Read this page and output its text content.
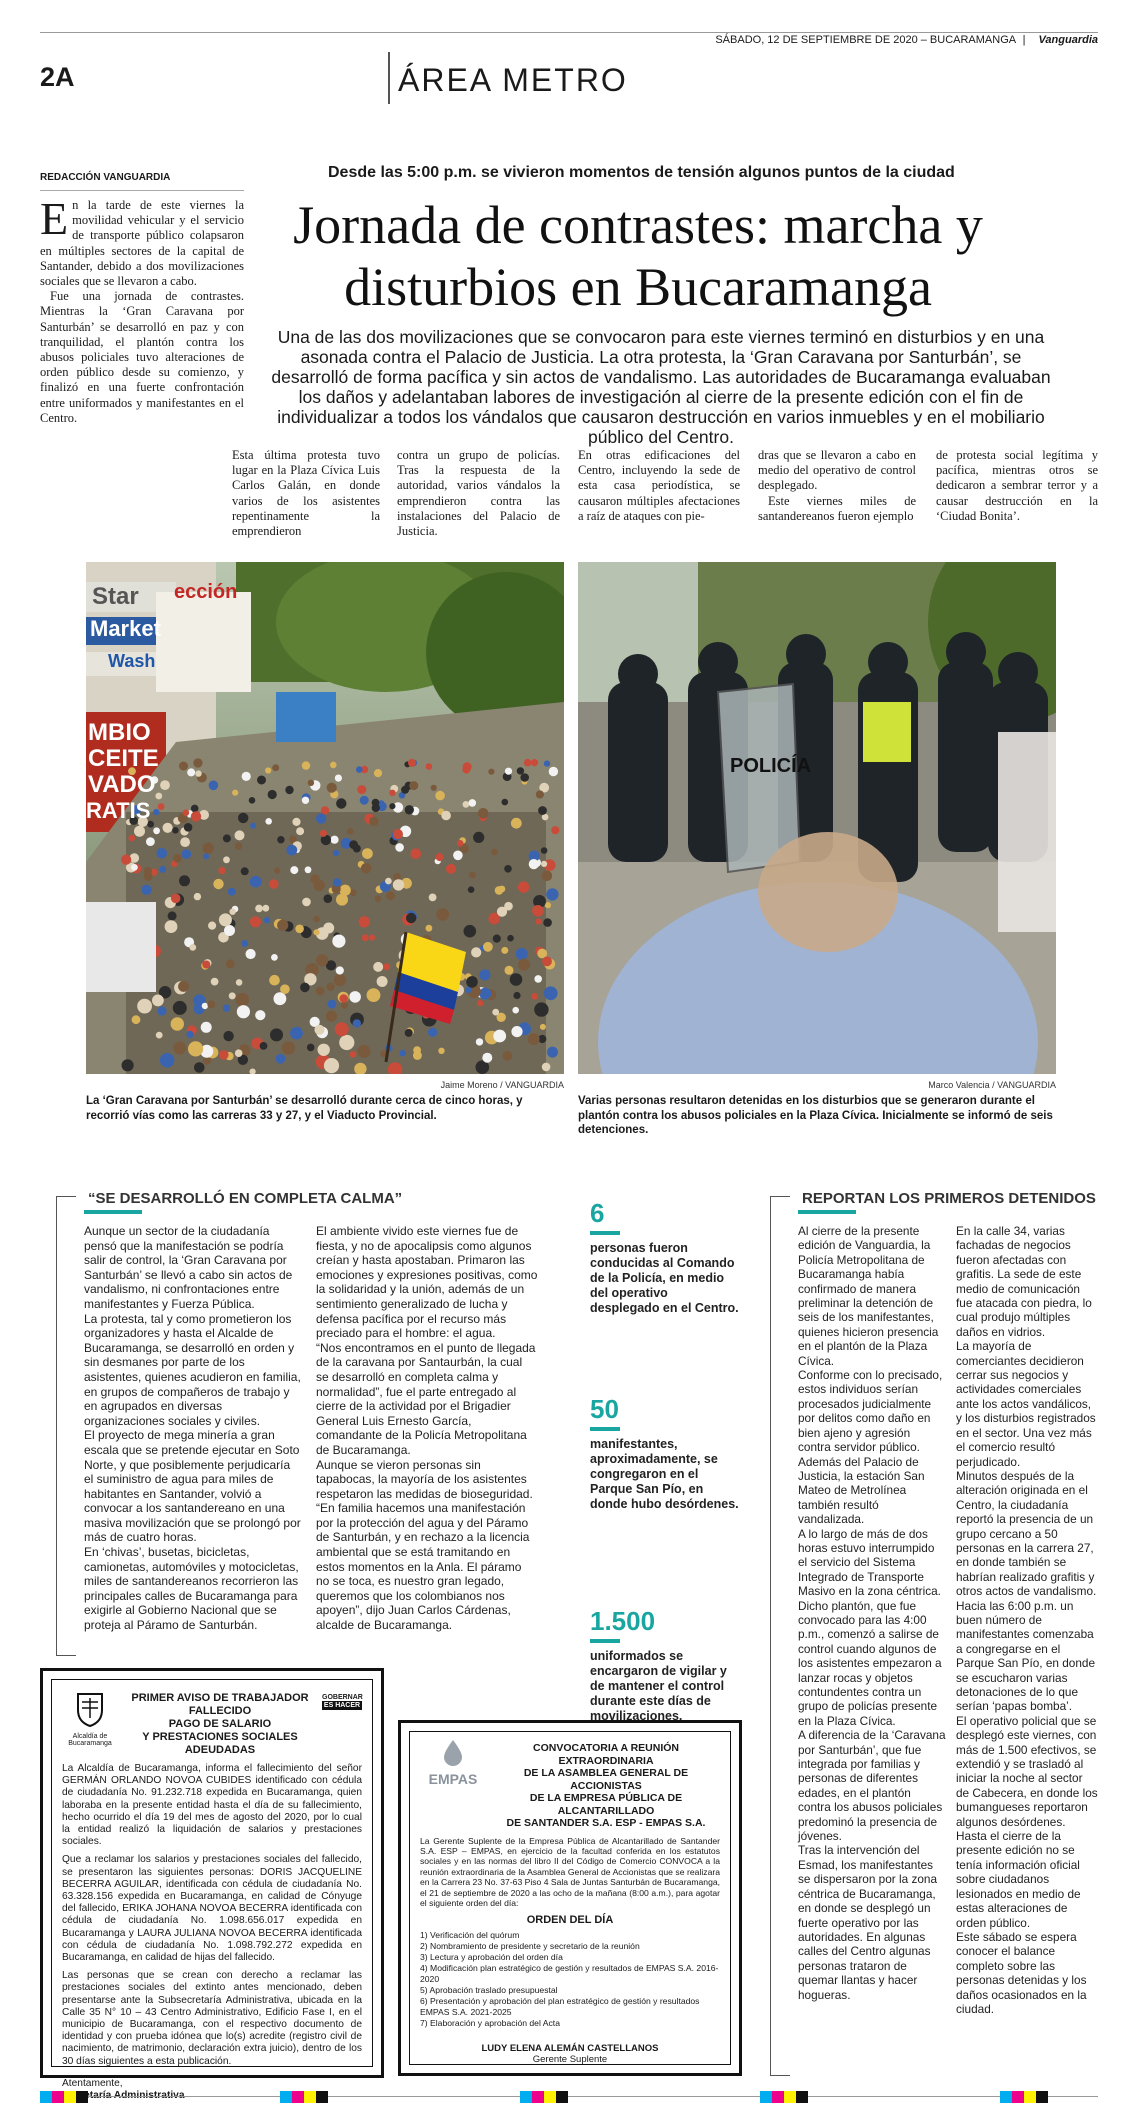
SÁBADO, 12 DE SEPTIEMBRE DE 2020 – BUCARAMANGA | Vanguardia
2A	ÁREA METRO
REDACCIÓN VANGUARDIA

En la tarde de este viernes la movilidad vehicular y el servicio de transporte público colapsaron en múltiples sectores de la capital de Santander, debido a dos movilizaciones sociales que se llevaron a cabo.

Fue una jornada de contrastes. Mientras la ‘Gran Caravana por Santurbán’ se desarrolló en paz y con tranquilidad, el plantón contra los abusos policiales tuvo alteraciones de orden público desde su comienzo, y finalizó en una fuerte confrontación entre uniformados y manifestantes en el Centro.

Desde las 5:00 p.m. se vivieron momentos de tensión algunos puntos de la ciudad
Jornada de contrastes: marcha y
disturbios en Bucaramanga
Una de las dos movilizaciones que se convocaron para este viernes terminó en disturbios y en una asonada contra el Palacio de Justicia. La otra protesta, la ‘Gran Caravana por Santurbán’, se desarrolló de forma pacífica y sin actos de vandalismo. Las autoridades de Bucaramanga evaluaban los daños y adelantaban labores de investigación al cierre de la presente edición con el fin de individualizar a todos los vándalos que causaron destrucción en varios inmuebles y en el mobiliario público del Centro.
Esta última protesta tuvo lugar en la Plaza Cívica Luis Carlos Galán, en donde varios de los asistentes repentinamente la emprendieron
contra un grupo de policías. Tras la respuesta de la autoridad, varios vándalos la emprendieron contra las instalaciones del Palacio de Justicia.
En otras edificaciones del Centro, incluyendo la sede de esta casa periodística, se causaron múltiples afectaciones a raíz de ataques con pie-
dras que se llevaron a cabo en medio del operativo de control desplegado.
Este viernes miles de santandereanos fueron ejemplo
de protesta social legítima y pacífica, mientras otros se dedicaron a sembrar terror y a causar destrucción en la ‘Ciudad Bonita’.
Star
Market
Wash
MBIO
CEITE
VADO
RATIS
ección
POLICÍA
Jaime Moreno / VANGUARDIA	Marco Valencia / VANGUARDIA
La ‘Gran Caravana por Santurbán’ se desarrolló durante cerca de cinco horas, y recorrió vías como las carreras 33 y 27, y el Viaducto Provincial.
Varias personas resultaron detenidas en los disturbios que se generaron durante el plantón contra los abusos policiales en la Plaza Cívica. Inicialmente se informó de seis detenciones.
“SE DESARROLLÓ EN COMPLETA CALMA”
Aunque un sector de la ciudadanía pensó que la manifestación se podría salir de control, la ‘Gran Caravana por Santurbán’ se llevó a cabo sin actos de vandalismo, ni confrontaciones entre manifestantes y Fuerza Pública.
La protesta, tal y como prometieron los organizadores y hasta el Alcalde de Bucaramanga, se desarrolló en orden y sin desmanes por parte de los asistentes, quienes acudieron en familia, en grupos de compañeros de trabajo y en agrupados en diversas organizaciones sociales y civiles.
El proyecto de mega minería a gran escala que se pretende ejecutar en Soto Norte, y que posiblemente perjudicaría el suministro de agua para miles de habitantes en Santander, volvió a convocar a los santandereano en una masiva movilización que se prolongó por más de cuatro horas.
En ‘chivas’, busetas, bicicletas, camionetas, automóviles y motocicletas, miles de santandereanos recorrieron las principales calles de Bucaramanga para exigirle al Gobierno Nacional que se proteja al Páramo de Santurbán.
El ambiente vivido este viernes fue de fiesta, y no de apocalipsis como algunos creían y hasta apostaban. Primaron las emociones y expresiones positivas, como la solidaridad y la unión, además de un sentimiento generalizado de lucha y defensa pacífica por el recurso más preciado para el hombre: el agua.
“Nos encontramos en el punto de llegada de la caravana por Santaurbán, la cual se desarrolló en completa calma y normalidad”, fue el parte entregado al cierre de la actividad por el Brigadier General Luis Ernesto García, comandante de la Policía Metropolitana de Bucaramanga.
Aunque se vieron personas sin tapabocas, la mayoría de los asistentes respetaron las medidas de bioseguridad.
“En familia hacemos una manifestación por la protección del agua y del Páramo de Santurbán, y en rechazo a la licencia ambiental que se está tramitando en estos momentos en la Anla. El páramo no se toca, es nuestro gran legado, queremos que los colombianos nos apoyen”, dijo Juan Carlos Cárdenas, alcalde de Bucaramanga.
6
personas fueron conducidas al Comando de la Policía, en medio del operativo desplegado en el Centro.
50
manifestantes, aproximadamente, se congregaron en el Parque San Pío, en donde hubo desórdenes.
1.500
uniformados se encargaron de vigilar y de mantener el control durante este días de movilizaciones.
REPORTAN LOS PRIMEROS DETENIDOS
Al cierre de la presente edición de Vanguardia, la Policía Metropolitana de Bucaramanga había confirmado de manera preliminar la detención de seis de los manifestantes, quienes hicieron presencia en el plantón de la Plaza Cívica.
Conforme con lo precisado, estos individuos serían procesados judicialmente por delitos como daño en bien ajeno y agresión contra servidor público. Además del Palacio de Justicia, la estación San Mateo de Metrolínea también resultó vandalizada.
A lo largo de más de dos horas estuvo interrumpido el servicio del Sistema Integrado de Transporte Masivo en la zona céntrica.
Dicho plantón, que fue convocado para las 4:00 p.m., comenzó a salirse de control cuando algunos de los asistentes empezaron a lanzar rocas y objetos contundentes contra un grupo de policías presente en la Plaza Cívica.
A diferencia de la ‘Caravana por Santurbán’, que fue integrada por familias y personas de diferentes edades, en el plantón contra los abusos policiales predominó la presencia de jóvenes.
Tras la intervención del Esmad, los manifestantes se dispersaron por la zona céntrica de Bucaramanga, en donde se desplegó un fuerte operativo por las autoridades. En algunas calles del Centro algunas personas trataron de quemar llantas y hacer hogueras.
En la calle 34, varias fachadas de negocios fueron afectadas con grafitis. La sede de este medio de comunicación fue atacada con piedra, lo cual produjo múltiples daños en vidrios.
La mayoría de comerciantes decidieron cerrar sus negocios y actividades comerciales ante los actos vandálicos, y los disturbios registrados en el sector. Una vez más el comercio resultó perjudicado.
Minutos después de la alteración originada en el Centro, la ciudadanía reportó la presencia de un grupo cercano a 50 personas en la carrera 27, en donde también se habrían realizado grafitis y otros actos de vandalismo.
Hacia las 6:00 p.m. un buen número de manifestantes comenzaba a congregarse en el Parque San Pío, en donde se escucharon varias detonaciones de lo que serían ‘papas bomba’.
El operativo policial que se desplegó este viernes, con más de 1.500 efectivos, se extendió y se trasladó al iniciar la noche al sector de Cabecera, en donde los bumangueses reportaron algunos desórdenes.
Hasta el cierre de la presente edición no se tenía información oficial sobre ciudadanos lesionados en medio de estas alteraciones de orden público.
Este sábado se espera conocer el balance completo sobre las personas detenidas y los daños ocasionados en la ciudad.
Alcaldía de Bucaramanga
PRIMER AVISO DE TRABAJADOR FALLECIDO
PAGO DE SALARIO
Y PRESTACIONES SOCIALES ADEUDADAS
GOBERNAR
ES HACER
La Alcaldía de Bucaramanga, informa el fallecimiento del señor GERMÁN ORLANDO NOVOA CUBIDES identificado con cédula de ciudadanía No. 91.232.718 expedida en Bucaramanga, quien laboraba en la presente entidad hasta el día de su fallecimiento, hecho ocurrido el día 19 del mes de agosto del 2020, por lo cual la entidad realizó la liquidación de salarios y prestaciones sociales.
Que a reclamar los salarios y prestaciones sociales del fallecido, se presentaron las siguientes personas: DORIS JACQUELINE BECERRA AGUILAR, identificada con cédula de ciudadanía No. 63.328.156 expedida en Bucaramanga, en calidad de Cónyuge del fallecido, ERIKA JOHANA NOVOA BECERRA identificada con cédula de ciudadanía No. 1.098.656.017 expedida en Bucaramanga y LAURA JULIANA NOVOA BECERRA identificada con cédula de ciudadanía No. 1.098.792.272 expedida en Bucaramanga, en calidad de hijas del fallecido.
Las personas que se crean con derecho a reclamar las prestaciones sociales del extinto antes mencionado, deben presentarse ante la Subsecretaría Administrativa, ubicada en la Calle 35 N° 10 – 43 Centro Administrativo, Edificio Fase I, en el municipio de Bucaramanga, con el respectivo documento de identidad y con prueba idónea que lo(s) acredite (registro civil de nacimiento, de matrimonio, declaración extra juicio), dentro de los 30 días siguientes a esta publicación.
Atentamente,
EMPAS
CONVOCATORIA A REUNIÓN EXTRAORDINARIA
DE LA ASAMBLEA GENERAL DE ACCIONISTAS
DE LA EMPRESA PÚBLICA DE ALCANTARILLADO
DE SANTANDER S.A. ESP - EMPAS S.A.
La Gerente Suplente de la Empresa Pública de Alcantarillado de Santander S.A. ESP – EMPAS, en ejercicio de la facultad conferida en los estatutos sociales y en las normas del libro II del Código de Comercio CONVOCA a la reunión extraordinaria de la Asamblea General de Accionistas que se realizara en la Carrera 23 No. 37-63 Piso 4 Sala de Juntas Santurbán de Bucaramanga, el 21 de septiembre de 2020 a las ocho de la mañana (8:00 a.m.), para agotar el siguiente orden del día:
ORDEN DEL DÍA
1) Verificación del quórum
2) Nombramiento de presidente y secretario de la reunión
3) Lectura y aprobación del orden día
4) Modificación plan estratégico de gestión y resultados de EMPAS S.A. 2016-2020
5) Aprobación traslado presupuestal
6) Presentación y aprobación del plan estratégico de gestión y resultados EMPAS S.A. 2021-2025
7) Elaboración y aprobación del Acta
LUDY ELENA ALEMÁN CASTELLANOS
Gerente Suplente
